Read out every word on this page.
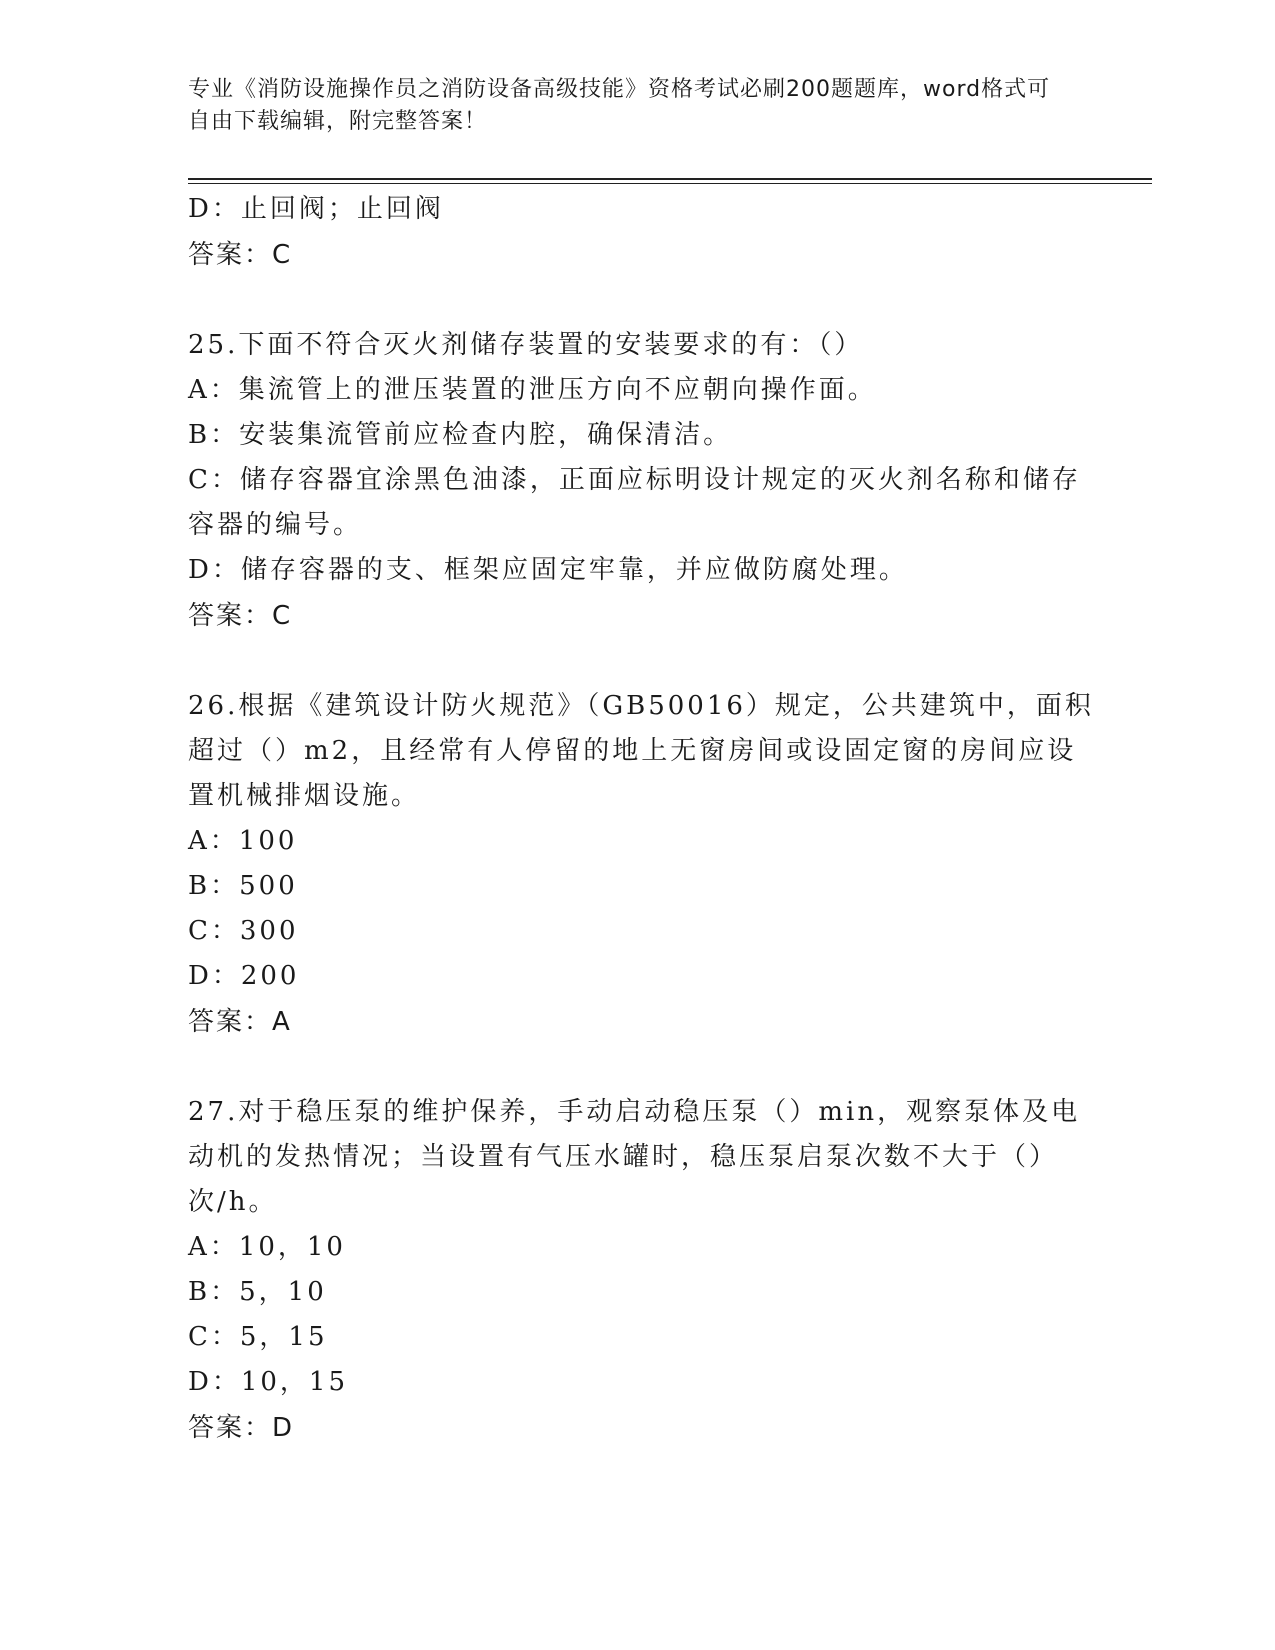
专业《消防设施操作员之消防设备高级技能》资格考试必刷200题题库，word格式可自由下载编辑，附完整答案！
D：止回阀；止回阀
答案：C
25.下面不符合灭火剂储存装置的安装要求的有：（）
A：集流管上的泄压装置的泄压方向不应朝向操作面。
B：安装集流管前应检查内腔，确保清洁。
C：储存容器宜涂黑色油漆，正面应标明设计规定的灭火剂名称和储存
容器的编号。
D：储存容器的支、框架应固定牢靠，并应做防腐处理。
答案：C
26.根据《建筑设计防火规范》（GB50016）规定，公共建筑中，面积
超过（）m2，且经常有人停留的地上无窗房间或设固定窗的房间应设
置机械排烟设施。
A：100
B：500
C：300
D：200
答案：A
27.对于稳压泵的维护保养，手动启动稳压泵（）min，观察泵体及电
动机的发热情况；当设置有气压水罐时，稳压泵启泵次数不大于（）
次/h。
A：10，10
B：5，10
C：5，15
D：10，15
答案：D
